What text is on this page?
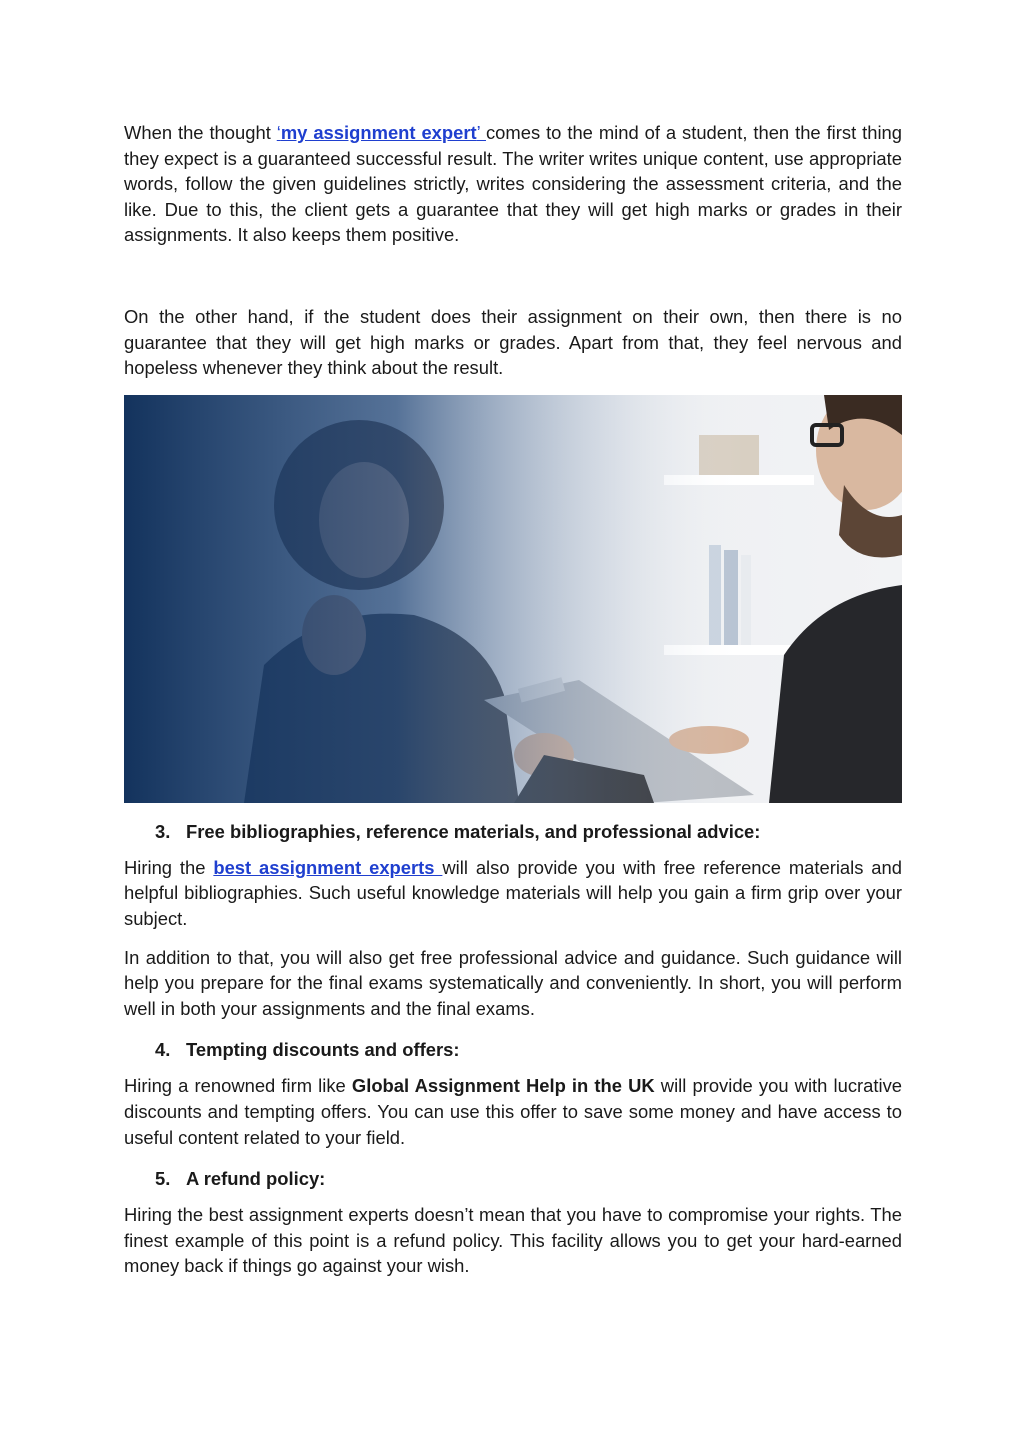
When the thought ‘my assignment expert’ comes to the mind of a student, then the first thing they expect is a guaranteed successful result. The writer writes unique content, use appropriate words, follow the given guidelines strictly, writes considering the assessment criteria, and the like. Due to this, the client gets a guarantee that they will get high marks or grades in their assignments. It also keeps them positive.

On the other hand, if the student does their assignment on their own, then there is no guarantee that they will get high marks or grades. Apart from that, they feel nervous and hopeless whenever they think about the result.

3. Free bibliographies, reference materials, and professional advice:

Hiring the best assignment experts will also provide you with free reference materials and helpful bibliographies. Such useful knowledge materials will help you gain a firm grip over your subject.

In addition to that, you will also get free professional advice and guidance. Such guidance will help you prepare for the final exams systematically and conveniently. In short, you will perform well in both your assignments and the final exams.

4. Tempting discounts and offers:

Hiring a renowned firm like Global Assignment Help in the UK will provide you with lucrative discounts and tempting offers. You can use this offer to save some money and have access to useful content related to your field.

5. A refund policy:

Hiring the best assignment experts doesn’t mean that you have to compromise your rights. The finest example of this point is a refund policy. This facility allows you to get your hard-earned money back if things go against your wish.
